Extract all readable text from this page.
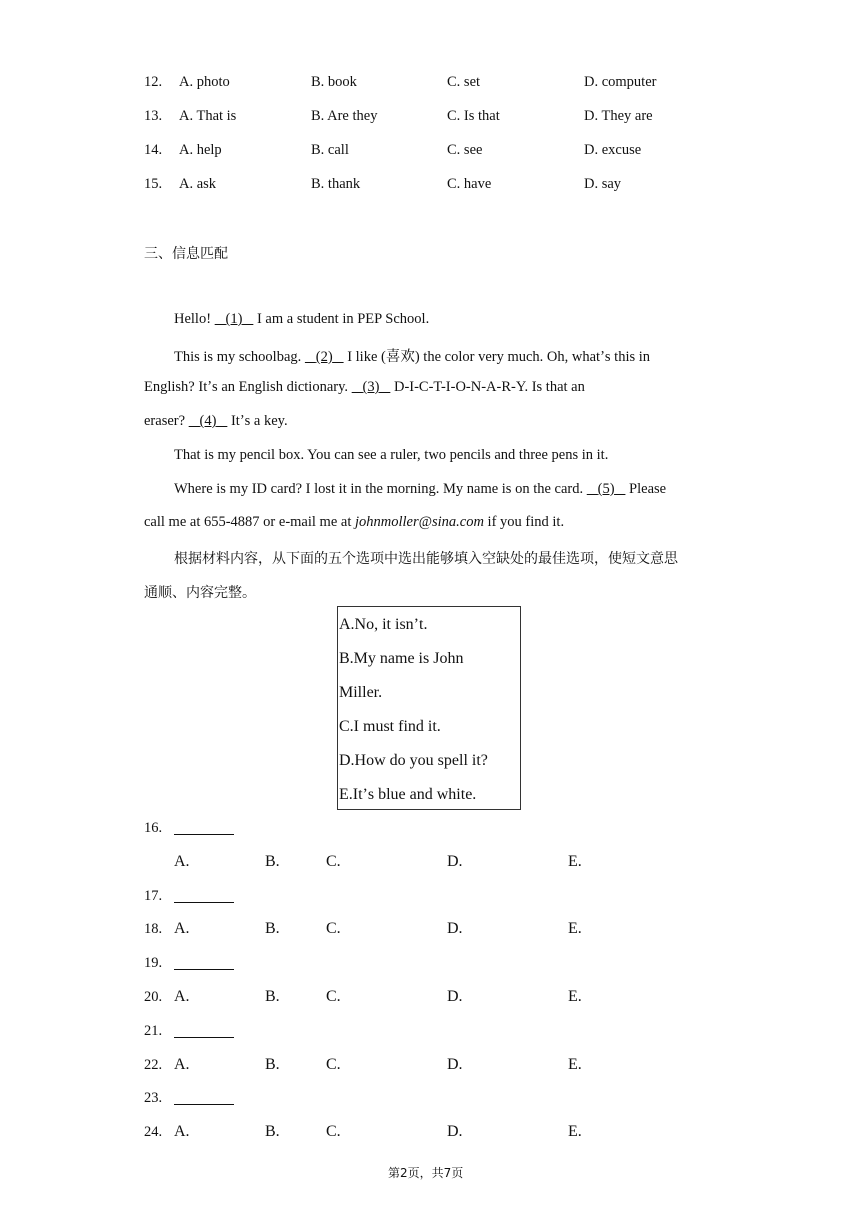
12. A. photo	B. book	C. set	D. computer
13. A. That is	B. Are they	C. Is that	D. They are
14. A. help	B. call	C. see	D. excuse
15. A. ask	B. thank	C. have	D. say
三、信息匹配
Hello!    (1)    I am a student in PEP School.
This is my schoolbag.    (2)    I like (喜欢) the color very much. Oh, whatʼs this in
English? Itʼs an English dictionary.    (3)    D-I-C-T-I-O-N-A-R-Y. Is that an
eraser?    (4)    Itʼs a key.
That is my pencil box. You can see a ruler, two pencils and three pens in it.
Where is my ID card? I lost it in the morning. My name is on the card.    (5)    Please
call me at 655-4887 or e-mail me at johnmoller@sina.com if you find it.
根据材料内容，从下面的五个选项中选出能够填入空缺处的最佳选项，使短文意思
通顺、内容完整。
A.No, it isnʼt.
B.My name is John
Miller.
C.I must find it.
D.How do you spell it?
E.Itʼs blue and white.
16.
A.	B.	C.	D.	E.
17.
18. A.	B.	C.	D.	E.
19.
20. A.	B.	C.	D.	E.
21.
22. A.	B.	C.	D.	E.
23.
24. A.	B.	C.	D.	E.
第2页，共7页
